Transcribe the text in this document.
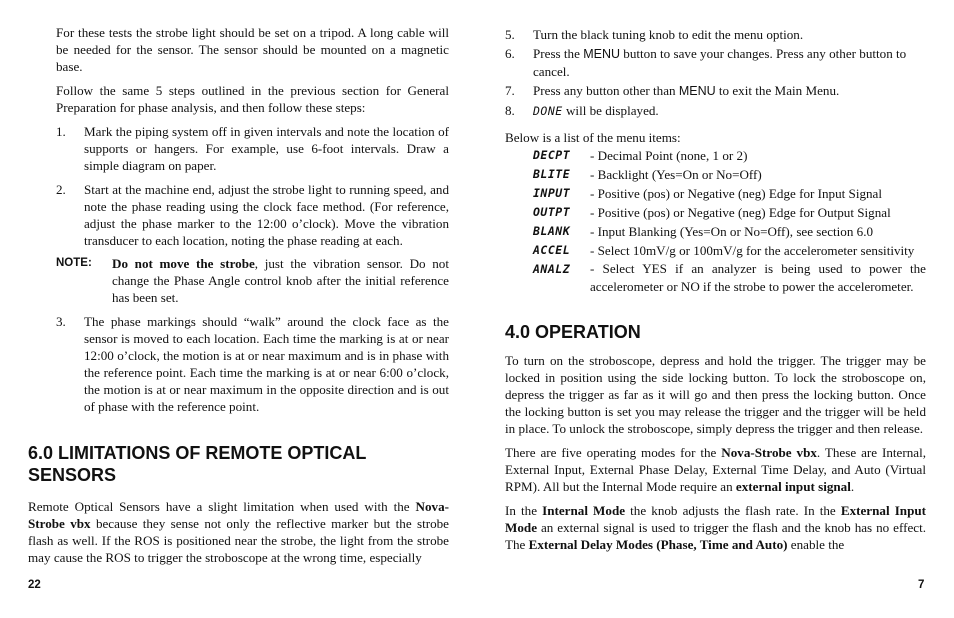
For these tests the strobe light should be set on a tripod. A long cable will be needed for the sensor. The sensor should be mounted on a magnetic base.

Follow the same 5 steps outlined in the previous section for General Preparation for phase analysis, and then follow these steps:

1.	Mark the piping system off in given intervals and note the location of supports or hangers. For example, use 6-foot intervals. Draw a simple diagram on paper.
2.	Start at the machine end, adjust the strobe light to running speed, and note the phase reading using the clock face method. (For reference, adjust the phase marker to the 12:00 o’clock). Move the vibration transducer to each location, noting the phase reading at each.
NOTE:	Do not move the strobe, just the vibration sensor. Do not change the Phase Angle control knob after the initial reference has been set.
3.	The phase markings should “walk” around the clock face as the sensor is moved to each location. Each time the marking is at or near 12:00 o’clock, the motion is at or near maximum and is in phase with the reference point. Each time the marking is at or near 6:00 o’clock, the motion is at or near maximum in the opposite direction and is out of phase with the reference point.
6.0 LIMITATIONS OF REMOTE OPTICAL SENSORS

Remote Optical Sensors have a slight limitation when used with the Nova-Strobe vbx because they sense not only the reflective marker but the strobe flash as well. If the ROS is positioned near the strobe, the light from the strobe may cause the ROS to trigger the stroboscope at the wrong time, especially

5.	Turn the black tuning knob to edit the menu option.
6.	Press the MENU button to save your changes. Press any other button to cancel.
7.	Press any button other than MENU to exit the Main Menu.
8.	DONE will be displayed.

Below is a list of the menu items:

DECPT	- Decimal Point (none, 1 or 2)
BLITE	- Backlight (Yes=On or No=Off)
INPUT	- Positive (pos) or Negative (neg) Edge for Input Signal
OUTPT	- Positive (pos) or Negative (neg) Edge for Output Signal
BLANK	- Input Blanking (Yes=On or No=Off), see section 6.0
ACCEL	- Select 10mV/g or 100mV/g for the accelerometer sensitivity
ANALZ	- Select YES if an analyzer is being used to power the accelerometer or NO if the strobe to power the accelerometer.
4.0 OPERATION

To turn on the stroboscope, depress and hold the trigger. The trigger may be locked in position using the side locking button. To lock the stroboscope on, depress the trigger as far as it will go and then press the locking button. Once the locking button is set you may release the trigger and the trigger will be held in place. To unlock the stroboscope, simply depress the trigger and then release.

There are five operating modes for the Nova-Strobe vbx. These are Internal, External Input, External Phase Delay, External Time Delay, and Auto (Virtual RPM). All but the Internal Mode require an external input signal.

In the Internal Mode the knob adjusts the flash rate. In the External Input Mode an external signal is used to trigger the flash and the knob has no effect. The External Delay Modes (Phase, Time and Auto) enable the

22	7
